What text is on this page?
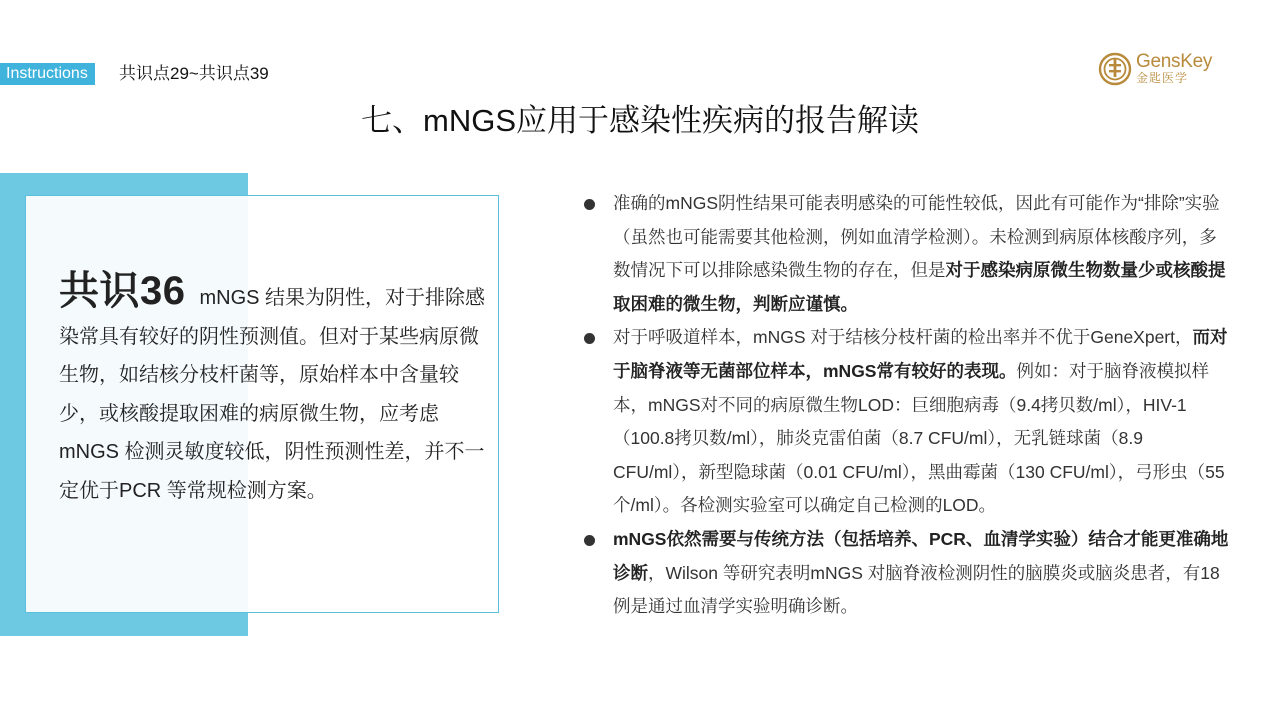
Instructions	共识点29~共识点39
GensKey
金匙医学
七、mNGS应用于感染性疾病的报告解读
共识36 mNGS 结果为阴性，对于排除感染常具有较好的阴性预测值。但对于某些病原微生物，如结核分枝杆菌等，原始样本中含量较少，或核酸提取困难的病原微生物，应考虑mNGS 检测灵敏度较低，阴性预测性差，并不一定优于PCR 等常规检测方案。
准确的mNGS阴性结果可能表明感染的可能性较低，因此有可能作为“排除”实验（虽然也可能需要其他检测，例如血清学检测）。未检测到病原体核酸序列，多数情况下可以排除感染微生物的存在，但是对于感染病原微生物数量少或核酸提取困难的微生物，判断应谨慎。
对于呼吸道样本，mNGS 对于结核分枝杆菌的检出率并不优于GeneXpert，而对于脑脊液等无菌部位样本，mNGS常有较好的表现。例如：对于脑脊液模拟样本，mNGS对不同的病原微生物LOD：巨细胞病毒（9.4拷贝数/ml），HIV-1（100.8拷贝数/ml），肺炎克雷伯菌（8.7 CFU/ml），无乳链球菌（8.9 CFU/ml），新型隐球菌（0.01 CFU/ml），黑曲霉菌（130 CFU/ml），弓形虫（55个/ml）。各检测实验室可以确定自己检测的LOD。
mNGS依然需要与传统方法（包括培养、PCR、血清学实验）结合才能更准确地诊断，Wilson 等研究表明mNGS 对脑脊液检测阴性的脑膜炎或脑炎患者，有18例是通过血清学实验明确诊断。
